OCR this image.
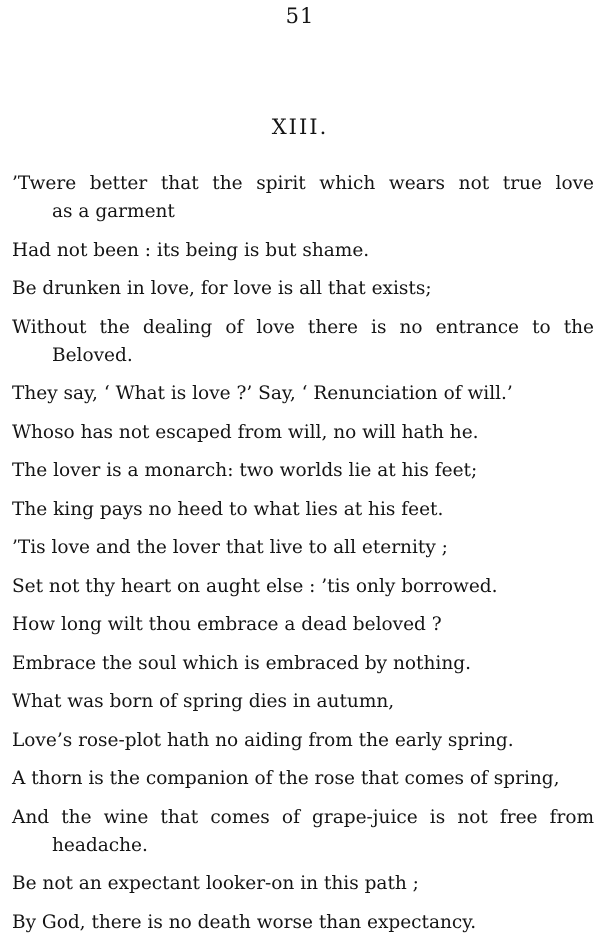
51
XIII.
’Twere better that the spirit which wears not true love
as a garment
Had not been : its being is but shame.
Be drunken in love, for love is all that exists;
Without the dealing of love there is no entrance to the
Beloved.
They say, ‘ What is love ?’ Say, ‘ Renunciation of will.’
Whoso has not escaped from will, no will hath he.
The lover is a monarch: two worlds lie at his feet;
The king pays no heed to what lies at his feet.
’Tis love and the lover that live to all eternity ;
Set not thy heart on aught else : ’tis only borrowed.
How long wilt thou embrace a dead beloved ?
Embrace the soul which is embraced by nothing.
What was born of spring dies in autumn,
Love’s rose-plot hath no aiding from the early spring.
A thorn is the companion of the rose that comes of spring,
And the wine that comes of grape-juice is not free from
headache.
Be not an expectant looker-on in this path ;
By God, there is no death worse than expectancy.
